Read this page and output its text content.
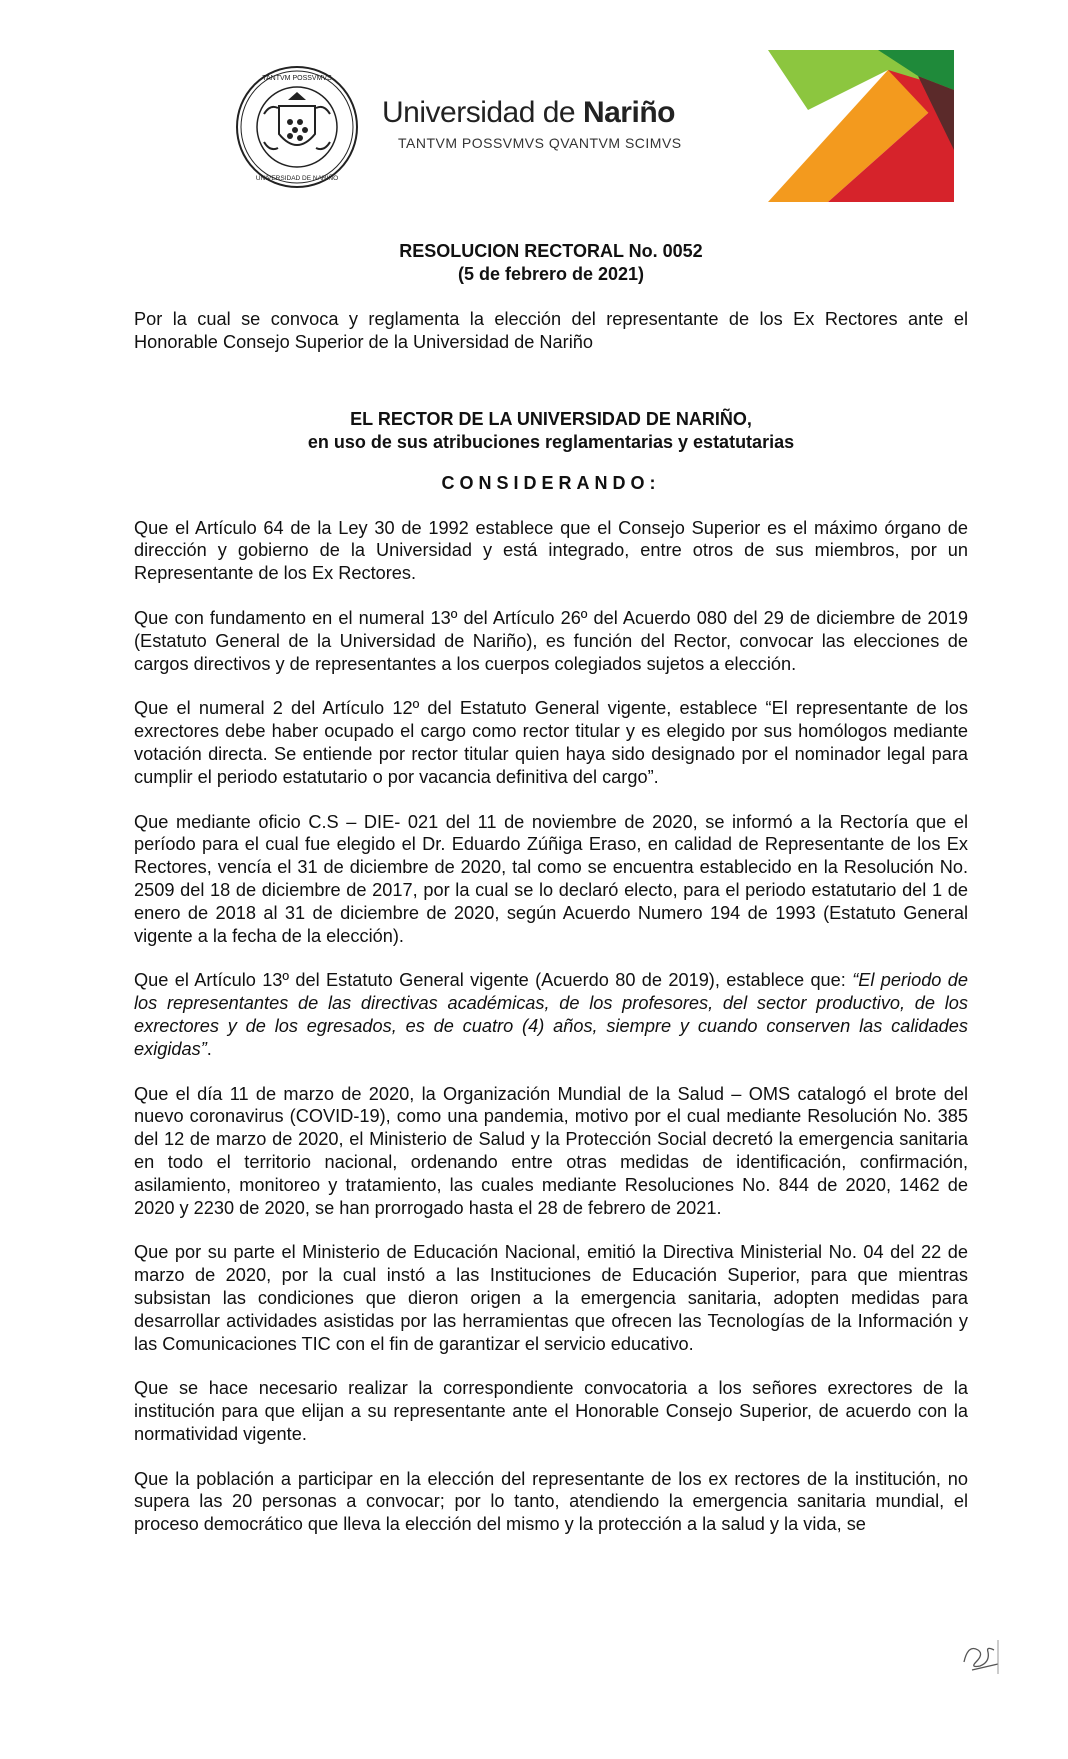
TANTVM POSSVMVS
UNIVERSIDAD DE NARIÑO
Universidad de Nariño
TANTVM POSSVMVS QVANTVM SCIMVS

RESOLUCION RECTORAL No. 0052

(5 de febrero de 2021)

Por la cual se convoca y reglamenta la elección del representante de los Ex Rectores ante el Honorable Consejo Superior de la Universidad de Nariño

EL RECTOR DE LA UNIVERSIDAD DE NARIÑO,

en uso de sus atribuciones reglamentarias y estatutarias

CONSIDERANDO:

Que el Artículo 64 de la Ley 30 de 1992 establece que el Consejo Superior es el máximo órgano de dirección y gobierno de la Universidad y está integrado, entre otros de sus miembros, por un Representante de los Ex Rectores.

Que con fundamento en el numeral 13º del Artículo 26º del Acuerdo 080 del 29 de diciembre de 2019 (Estatuto General de la Universidad de Nariño), es función del Rector, convocar las elecciones de cargos directivos y de representantes a los cuerpos colegiados sujetos a elección.

Que el numeral 2 del Artículo 12º del Estatuto General vigente, establece “El representante de los exrectores debe haber ocupado el cargo como rector titular y es elegido por sus homólogos mediante votación directa. Se entiende por rector titular quien haya sido designado por el nominador legal para cumplir el periodo estatutario o por vacancia definitiva del cargo”.

Que mediante oficio C.S – DIE- 021 del 11 de noviembre de 2020, se informó a la Rectoría que el período para el cual fue elegido el Dr. Eduardo Zúñiga Eraso, en calidad de Representante de los Ex Rectores, vencía el 31 de diciembre de 2020, tal como se encuentra establecido en la Resolución No. 2509 del 18 de diciembre de 2017, por la cual se lo declaró electo, para el periodo estatutario del 1 de enero de 2018 al 31 de diciembre de 2020, según Acuerdo Numero 194 de 1993 (Estatuto General vigente a la fecha de la elección).

Que el Artículo 13º del Estatuto General vigente (Acuerdo 80 de 2019), establece que: “El periodo de los representantes de las directivas académicas, de los profesores, del sector productivo, de los exrectores y de los egresados, es de cuatro (4) años, siempre y cuando conserven las calidades exigidas”.

Que el día 11 de marzo de 2020, la Organización Mundial de la Salud – OMS catalogó el brote del nuevo coronavirus (COVID-19), como una pandemia, motivo por el cual mediante Resolución No. 385 del 12 de marzo de 2020, el Ministerio de Salud y la Protección Social decretó la emergencia sanitaria en todo el territorio nacional, ordenando entre otras medidas de identificación, confirmación, asilamiento, monitoreo y tratamiento, las cuales mediante Resoluciones No. 844 de 2020, 1462 de 2020 y 2230 de 2020, se han prorrogado hasta el 28 de febrero de 2021.

Que por su parte el Ministerio de Educación Nacional, emitió la Directiva Ministerial No. 04 del 22 de marzo de 2020, por la cual instó a las Instituciones de Educación Superior, para que mientras subsistan las condiciones que dieron origen a la emergencia sanitaria, adopten medidas para desarrollar actividades asistidas por las herramientas que ofrecen las Tecnologías de la Información y las Comunicaciones TIC con el fin de garantizar el servicio educativo.

Que se hace necesario realizar la correspondiente convocatoria a los señores exrectores de la institución para que elijan a su representante ante el Honorable Consejo Superior, de acuerdo con la normatividad vigente.

Que la población a participar en la elección del representante de los ex rectores de la institución, no supera las 20 personas a convocar; por lo tanto, atendiendo la emergencia sanitaria mundial, el proceso democrático que lleva la elección del mismo y la protección a la salud y la vida, se
